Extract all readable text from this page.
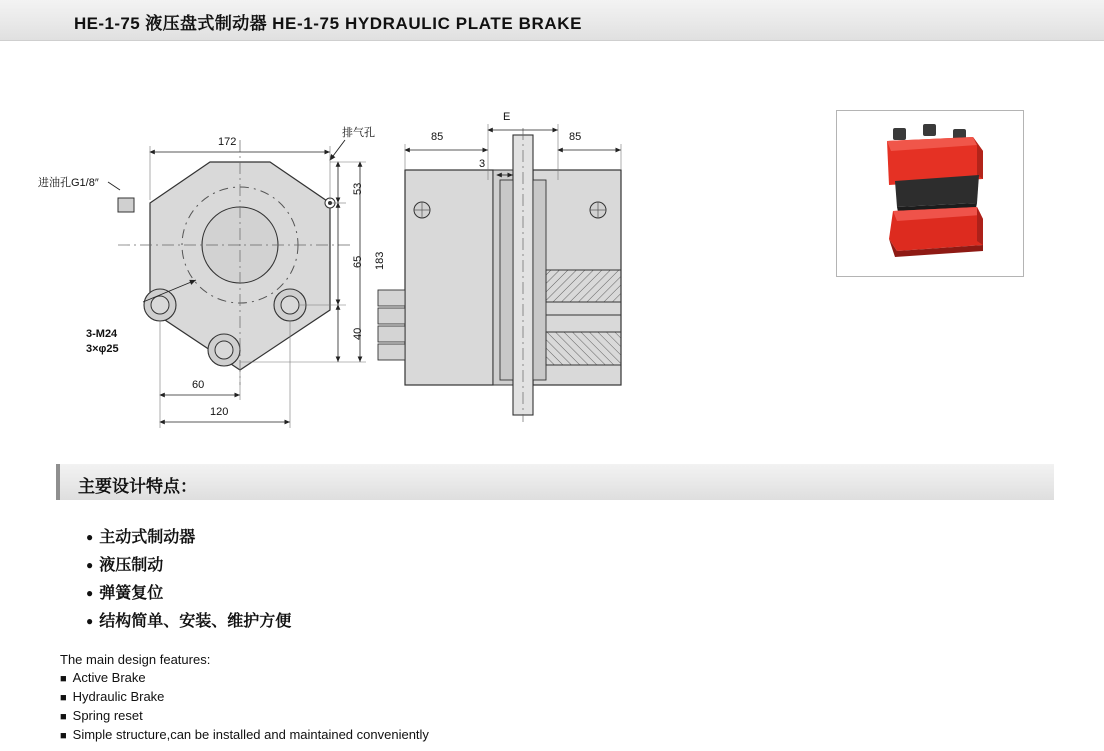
HE-1-75 液压盘式制动器 HE-1-75 HYDRAULIC PLATE BRAKE
进油孔G1/8″
排气孔
3-M24
3×φ25
172
53
65 183
40
60
120
85	85
E
3
主要设计特点：
● 主动式制动器
● 液压制动
● 弹簧复位
● 结构简单、安装、维护方便
The main design features:
■ Active Brake
■ Hydraulic Brake
■ Spring reset
■ Simple structure,can be installed and maintained conveniently
